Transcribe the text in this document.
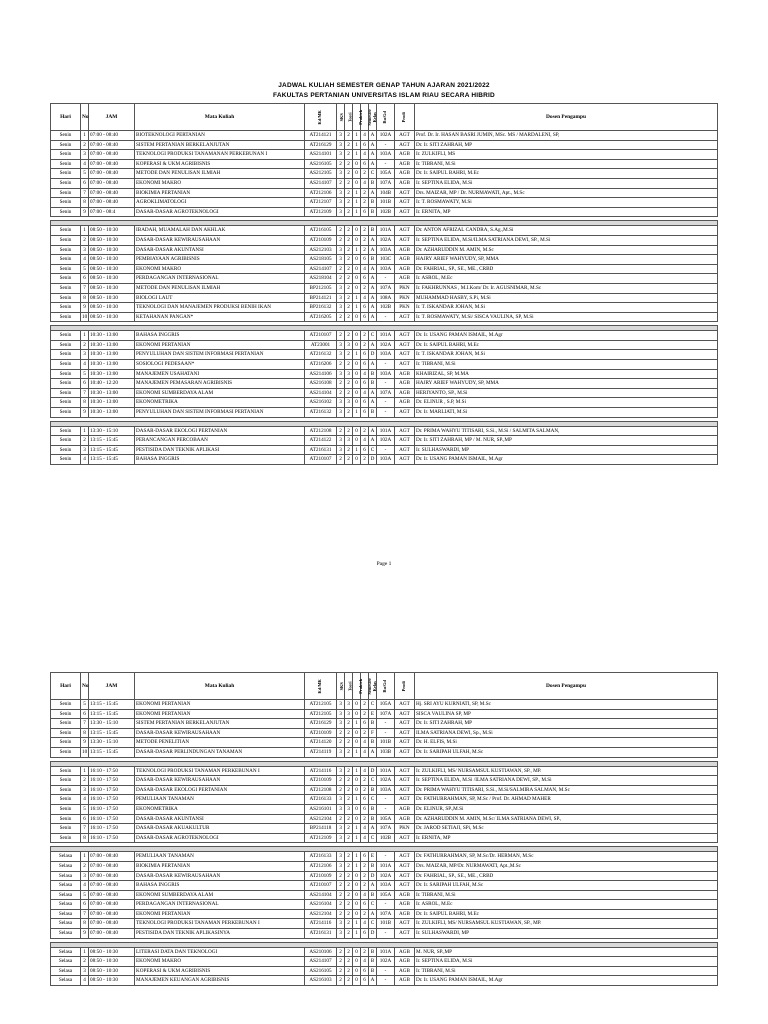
JADWAL KULIAH SEMESTER GENAP TAHUN AJARAN 2021/2022
FAKULTAS PERTANIAN UNIVERSITAS ISLAM RIAU SECARA HIBRID
Hari	No	JAM	Mata Kuliah	Kd/MK	SKS	Teori	Praktek	Semester	Kelas	Ru/Gd	Prodi	Dosen Pengampu
Senin	1	07:00 - 08:40	BIOTEKNOLOGI PERTANIAN	AT214121	3	2	1	4	A	102A	AGT	Prof. Dr. Ir. HASAN BASRI JUMIN, MSc. MS / MARDALENI, SP,
Senin	2	07:00 - 08:40	SISTEM PERTANIAN BERKELANJUTAN	AT216129	3	2	1	6	A	-	AGT	Dr. Ir. SITI ZAHRAH, MP
Senin	3	07:00 - 08:40	TEKNOLOGI PRODUKSI TANAMANAN PERKEBUNAN I	AS214101	3	2	1	4	A	103A	AGB	Ir. ZULKIFLI, MS
Senin	4	07:00 - 08:40	KOPERASI & UKM AGRIBISNIS	AS216105	2	2	0	6	A	-	AGB	Ir. TIBRANI, M.Si
Senin	5	07:00 - 08:40	METODE DAN PENULISAN ILMIAH	AS212105	3	2	0	2	C	105A	AGB	Dr. Ir. SAIPUL BAHRI, M.Ec
Senin	6	07:00 - 08:40	EKONOMI MAKRO	AS214107	2	2	0	4	B	107A	AGB	Ir. SEPTINA ELIDA, M.Si
Senin	7	07:00 - 08:40	BIOKIMIA PERTANIAN	AT212106	3	2	1	2	A	104B	AGT	Drs. MAIZAR, MP / Dr. NURMAWATI, Apt., M.Sc
Senin	8	07:00 - 08:40	AGROKLIMATOLOGI	AT212107	3	2	1	2	B	101B	AGT	Ir. T. ROSMAWATY, M.Si
Senin	9	07:00 - 08:4	DASAR-DASAR AGROTEKNOLOGI	AT212109	3	2	1	6	B	102B	AGT	Ir. ERNITA, MP

Senin	1	08:50 - 10:30	IBADAH, MUAMALAH DAN AKHLAK	AT216105	2	2	0	2	B	101A	AGT	Dr. ANTON AFRIZAL CANDRA, S.Ag.,M.Si
Senin	2	08:50 - 10:30	DASAR-DASAR KEWIRAUSAHAAN	AT210109	2	2	0	2	A	102A	AGT	Ir. SEPTINA ELIDA, M.Si/ILMA SATRIANA DEWI, SP., M.Si
Senin	3	08:50 - 10:30	DASAR-DASAR AKUNTANSI	AS212103	3	2	1	2	A	103A	AGB	Dr. AZHARUDDIN M. AMIN, M.Sc
Senin	4	08:50 - 10:30	PEMBIAYAAN AGRIBISNIS	AS218105	3	2	0	6	B	103C	AGB	HAJRY ARIEF WAHYUDY, SP, MMA
Senin	5	08:50 - 10:30	EKONOMI MAKRO	AS214107	2	2	0	4	A	103A	AGB	Dr. FAHRIAL, SP., SE., ME., CRBD
Senin	6	08:50 - 10:30	PERDAGANGAN INTERNASIONAL	AS218104	2	2	0	6	A	-	AGB	Ir. ASROL, M.Ec
Senin	7	08:50 - 10:30	METODE DAN PENULISAN ILMIAH	BP212105	3	2	0	2	A	107A	PKN	Ir. FAKHRUNNAS , M.I.Kom/ Dr. Ir. AGUSNIMAR, M.Sc
Senin	8	08:50 - 10:30	BIOLOGI LAUT	BP214121	3	2	1	4	A	108A	PKN	MUHAMMAD HASBY, S.Pi, M.Si
Senin	9	08:50 - 10:30	TEKNOLOGI DAN MANAJEMEN PRODUKSI BENIH IKAN	BP216132	3	2	1	6	A	102B	PKN	Ir. T. ISKANDAR JOHAN, M.Si
Senin	10	08:50 - 10:30	KETAHANAN PANGAN*	AT216205	2	2	0	6	A	-	AGT	Ir. T. ROSMAWATY, M.Si/ SISCA VAULINA, SP, M.Si

Senin	1	10:30 - 13:00	BAHASA INGGRIS	AT210107	2	2	0	2	C	101A	AGT	Dr. Ir. USANG PAMAN ISMAIL, M.Agr
Senin	2	10:30 - 13:00	EKONOMI PERTANIAN	AT23001	3	3	0	2	A	102A	AGT	Dr. Ir. SAIPUL BAHRI, M.Ec
Senin	3	10:30 - 13:00	PENYULUHAN DAN SISTEM INFORMASI PERTANIAN	AT216132	3	2	1	6	D	103A	AGT	Ir. T. ISKANDAR JOHAN, M.Si
Senin	4	10:30 - 13:00	SOSIOLOGI PEDESAAN*	AT216206	2	2	0	6	A	-	AGT	Ir. TIBRANI, M.Si
Senin	5	10:30 - 13:00	MANAJEMEN USAHATANI	AS214106	3	3	0	4	B	103A	AGB	KHAIRIZAL, SP, M.MA
Senin	6	10:40 - 12:20	MANAJEMEN PEMASARAN AGRIBISNIS	AS216108	2	2	0	6	B	-	AGB	HAJRY ARIEF WAHYUDY, SP, MMA
Senin	7	10:30 - 13:00	EKONOMI SUMBERDAYA ALAM	AS214104	2	2	0	4	A	107A	AGB	HERIYANTO, SP., M.Si
Senin	8	10:30 - 13:00	EKONOMETRIKA	AS216102	3	3	0	6	A	-	AGB	Dr. ELINUR , S.P, M.Si
Senin	9	10:30 - 13:00	PENYULUHAN DAN SISTEM INFORMASI PERTANIAN	AT216132	3	2	1	6	B	-	AGT	Dr. Ir. MARLIATI, M.Si

Senin	1	13:30 - 15:10	DASAR-DASAR EKOLOGI PERTANIAN	AT212108	2	2	0	2	A	101A	AGT	Dr. PRIMA WAHYU TITISARI, S.Si., M.Si / SALMITA SALMAN,
Senin	2	13:15 - 15:45	PERANCANGAN PERCOBAAN	AT214122	3	3	0	4	A	102A	AGT	Dr. Ir. SITI ZAHRAH, MP / M. NUR, SP.,MP
Senin	3	13:15 - 15:45	PESTISIDA DAN TEKNIK APLIKASI	AT216131	3	2	1	6	C	-	AGT	Ir. SULHASWARDI, MP
Senin	4	13:15 - 15:45	BAHASA INGGRIS	AT210107	2	2	0	2	D	103A	AGT	Dr. Ir. USANG PAMAN ISMAIL, M.Agr
Page 1
Hari	No	JAM	Mata Kuliah	Kd/MK	SKS	Teori	Praktek	Semester	Kelas	Ru/Gd	Prodi	Dosen Pengampu
Senin	5	13:15 - 15:45	EKONOMI PERTANIAN	AT212105	3	3	0	2	C	105A	AGT	Hj. SRI AYU KURNIATI, SP, M.Sc
Senin	6	13:15 - 15:45	EKONOMI PERTANIAN	AT212105	3	3	0	2	E	107A	AGT	SISCA VAULINA SP, MP
Senin	7	13:30 - 15:10	SISTEM PERTANIAN BERKELANJUTAN	AT216129	3	2	1	6	B	-	AGT	Dr. Ir. SITI ZAHRAH, MP
Senin	8	13:15 - 15:45	DASAR-DASAR KEWIRAUSAHAAN	AT210109	2	2	0	2	F	-	AGT	ILMA SATRIANA DEWI, Sp., M.Si
Senin	9	13:30 - 15:10	METODE PENELITIAN	AT214120	2	2	0	4	B	101B	AGT	Dr. H. ELFIS, M.Si
Senin	10	13:15 - 15:45	DASAR-DASAR PERLINDUNGAN TANAMAN	AT214119	3	2	1	4	A	103B	AGT	Dr. Ir. SARIPAH ULFAH, M.Sc

Senin	1	16:10 - 17:50	TEKNOLOGI PRODUKSI TANAMAN PERKEBUNAN I	AT214116	3	2	1	4	D	101A	AGT	Ir. ZULKIFLI, MS/ NURSAMSUL KUSTIAWAN, SP., MP.
Senin	2	16:10 - 17:50	DASAR-DASAR KEWIRAUSAHAAN	AT210109	2	2	0	2	C	102A	AGT	Ir. SEPTINA ELIDA, M.Si /ILMA SATRIANA DEWI, SP., M.Si
Senin	3	16:10 - 17:50	DASAR-DASAR EKOLOGI PERTANIAN	AT212108	2	2	0	2	B	103A	AGT	Dr. PRIMA WAHYU TITISARI, S.Si., M.Si/SALMIRA SALMAN, M.Sc
Senin	4	16:10 - 17:50	PEMULIAAN TANAMAN	AT216133	3	2	1	6	C	-	AGT	Dr. FATHURRAHMAN, SP, M.Sc / Prof. Dr. AHMAD MAHER
Senin	5	16:10 - 17:50	EKONOMETRIKA	AS216101	3	3	0	6	B	-	AGB	Dr. ELINUR, SP.,M.Si
Senin	6	16:10 - 17:50	DASAR-DASAR AKUNTANSI	AS212104	2	2	0	2	B	105A	AGB	Dr. AZHARUDDIN M. AMIN, M.Sc/ ILMA SATRIANA DEWI, SP.,
Senin	7	16:10 - 17:50	DASAR-DASAR AKUAKULTUR	BP214118	3	2	1	4	A	107A	PKN	Dr. JAROD SETIAJI, SPi, M.Sc
Senin	8	16:10 - 17:50	DASAR-DASAR AGROTEKNOLOGI	AT212109	3	2	1	4	C	102B	AGT	Ir. ERNITA, MP

Selasa	1	07:00 - 08:40	PEMULIAAN TANAMAN	AT216133	3	2	1	6	E	-	AGT	Dr. FATHURRAHMAN, SP, M.Sc/Dr. HERMAN, M.Sc
Selasa	2	07:00 - 08:40	BIOKIMIA PERTANIAN	AT212106	3	2	1	2	B	101A	AGT	Drs. MAIZAR, MP/Dr. NURMAWATI, Apt.,M.Sc
Selasa	3	07:00 - 08:40	DASAR-DASAR KEWIRAUSAHAAN	AT210109	2	2	0	2	D	102A	AGT	Dr. FAHRIAL, SP., SE., ME., CRBD
Selasa	4	07:00 - 08:40	BAHASA INGGRIS	AT210107	2	2	0	2	A	103A	AGT	Dr. Ir. SARIPAH ULFAH, M.Sc
Selasa	5	07:00 - 08:40	EKONOMI SUMBERDAYA ALAM	AS214104	2	2	0	4	B	105A	AGB	Ir. TIBRANI, M.Si
Selasa	6	07:00 - 08:40	PERDAGANGAN INTERNASIONAL	AS216104	2	2	0	6	C	-	AGB	Ir. ASROL, M.Ec
Selasa	7	07:00 - 08:40	EKONOMI PERTANIAN	AS212104	2	2	0	2	A	107A	AGB	Dr. Ir. SAIPUL BAHRI, M.Ec
Selasa	8	07:00 - 08:40	TEKNOLOGI PRODUKSI TANAMAN PERKEBUNAN I	AT214116	3	2	1	4	C	101B	AGT	Ir. ZULKIFLI, MS/ NURSAMSUL KUSTIAWAN, SP., MP.
Selasa	9	07:00 - 08:40	PESTISIDA DAN TEKNIK APLIKASINYA	AT216131	3	2	1	6	D	-	AGT	Ir. SULHASWARDI, MP

Selasa	1	08:50 - 10:30	LITERASI DATA DAN TEKNOLOGI	AS210106	2	2	0	2	B	101A	AGB	M. NUR, SP.,MP
Selasa	2	08:50 - 10:30	EKONOMI MAKRO	AS214107	2	2	0	4	B	102A	AGB	Ir. SEPTINA ELIDA, M.Si
Selasa	3	08:50 - 10:30	KOPERASI & UKM AGRIBISNIS	AS216105	2	2	0	6	B	-	AGB	Ir. TIBRANI, M.Si
Selasa	4	08:50 - 10:30	MANAJEMEN KEUANGAN AGRIBISNIS	AS216103	2	2	0	6	A	-	AGB	Dr. Ir. USANG PAMAN ISMAIL, M.Agr
